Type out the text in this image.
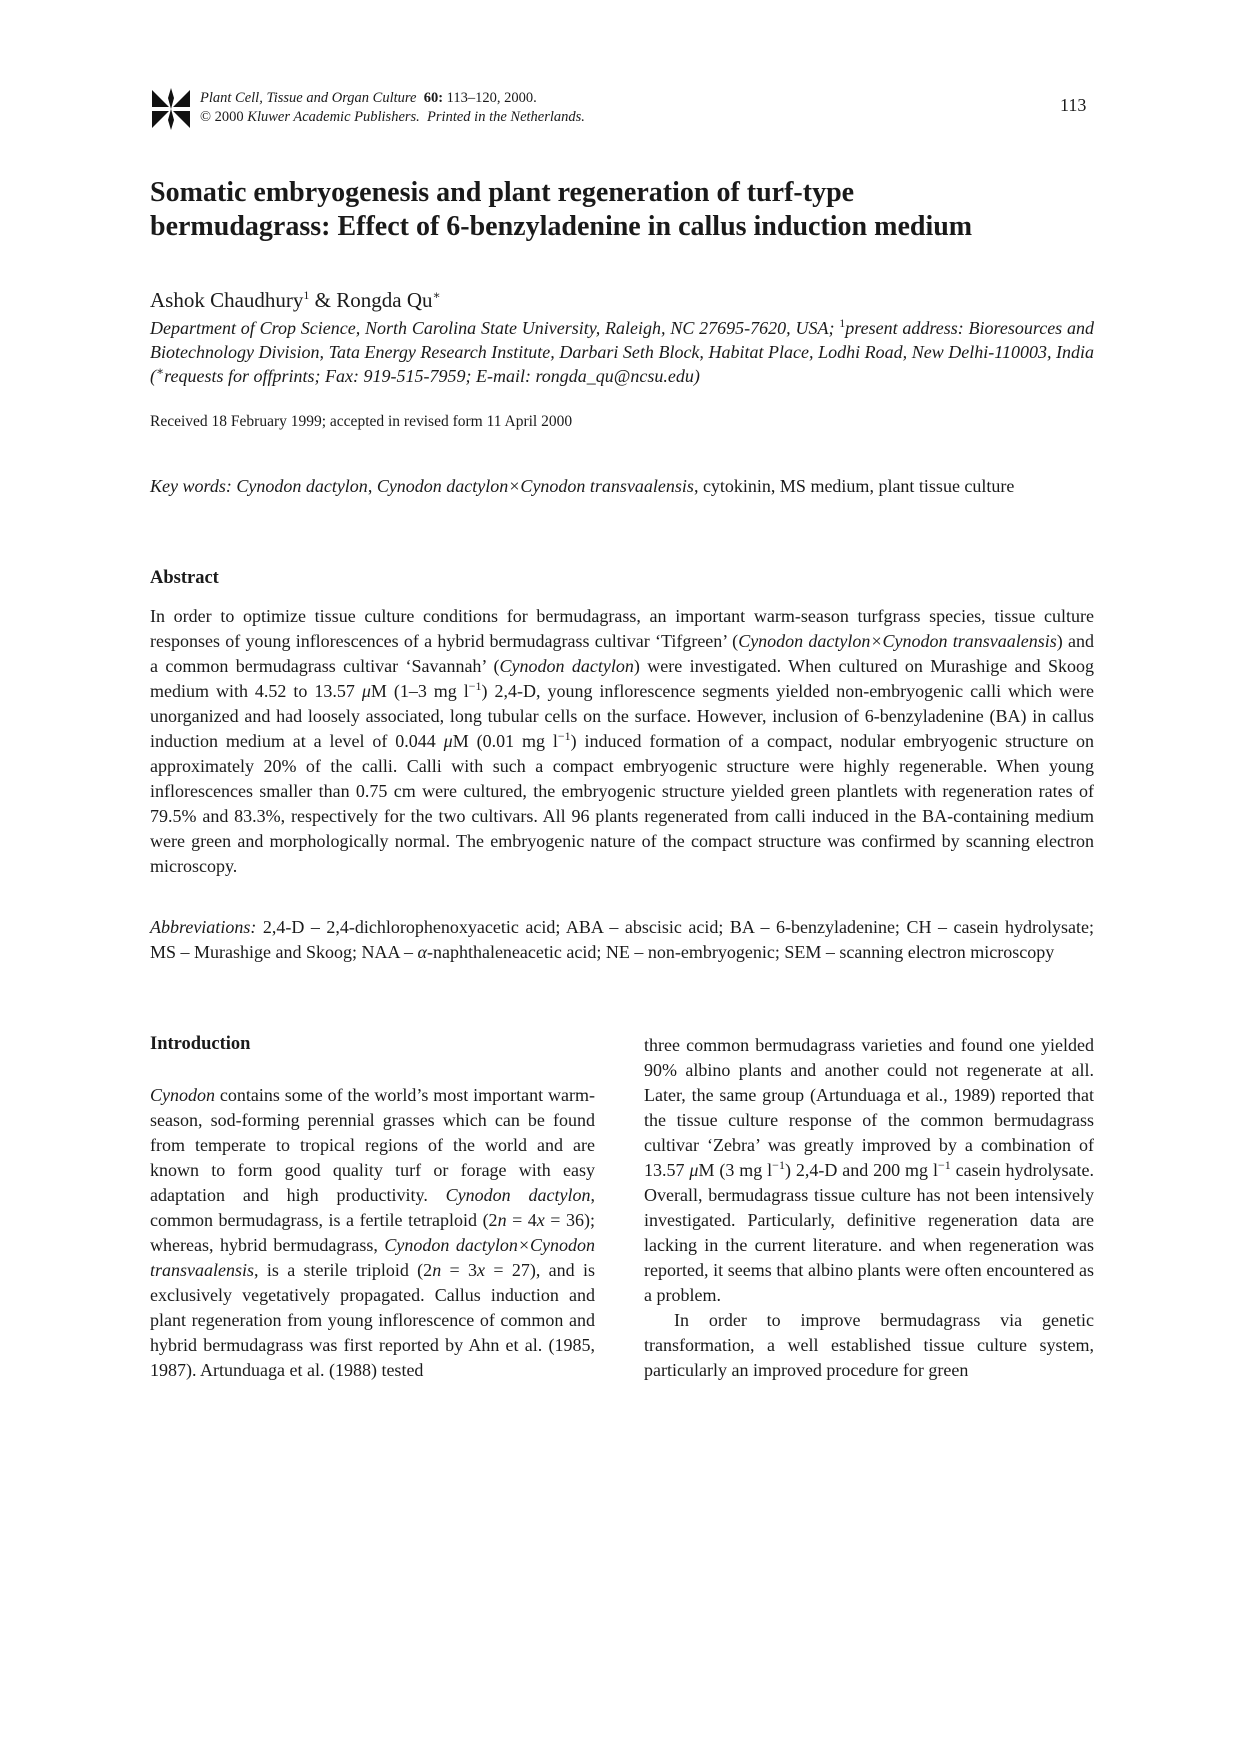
Plant Cell, Tissue and Organ Culture 60: 113–120, 2000.
© 2000 Kluwer Academic Publishers. Printed in the Netherlands.
113
Somatic embryogenesis and plant regeneration of turf-type
bermudagrass: Effect of 6-benzyladenine in callus induction medium
Ashok Chaudhury$^1$ & Rongda Qu∗
Department of Crop Science, North Carolina State University, Raleigh, NC 27695-7620, USA; $^1$present address: Bioresources and Biotechnology Division, Tata Energy Research Institute, Darbari Seth Block, Habitat Place, Lodhi Road, New Delhi-110003, India (∗requests for offprints; Fax: 919-515-7959; E-mail: rongda_qu@ncsu.edu)
Received 18 February 1999; accepted in revised form 11 April 2000
Key words: Cynodon dactylon, Cynodon dactylon×Cynodon transvaalensis, cytokinin, MS medium, plant tissue culture
Abstract
In order to optimize tissue culture conditions for bermudagrass, an important warm-season turfgrass species, tissue culture responses of young inflorescences of a hybrid bermudagrass cultivar ‘Tifgreen’ (Cynodon dactylon×Cynodon transvaalensis) and a common bermudagrass cultivar ‘Savannah’ (Cynodon dactylon) were investigated. When cultured on Murashige and Skoog medium with 4.52 to 13.57 μM (1–3 mg $l^{-1}$) 2,4-D, young inflorescence segments yielded non-embryogenic calli which were unorganized and had loosely associated, long tubular cells on the surface. However, inclusion of 6-benzyladenine (BA) in callus induction medium at a level of 0.044 μM (0.01 mg $l^{-1}$) induced formation of a compact, nodular embryogenic structure on approximately 20% of the calli. Calli with such a compact embryogenic structure were highly regenerable. When young inflorescences smaller than 0.75 cm were cultured, the embryogenic structure yielded green plantlets with regeneration rates of 79.5% and 83.3%, respectively for the two cultivars. All 96 plants regenerated from calli induced in the BA-containing medium were green and morphologically normal. The embryogenic nature of the compact structure was confirmed by scanning electron microscopy.
Abbreviations: 2,4-D – 2,4-dichlorophenoxyacetic acid; ABA – abscisic acid; BA – 6-benzyladenine; CH – casein hydrolysate; MS – Murashige and Skoog; NAA – α-naphthaleneacetic acid; NE – non-embryogenic; SEM – scanning electron microscopy
Introduction

Cynodon contains some of the world’s most important warm-season, sod-forming perennial grasses which can be found from temperate to tropical regions of the world and are known to form good quality turf or forage with easy adaptation and high productivity. Cynodon dactylon, common bermudagrass, is a fertile tetraploid (2n = 4x = 36); whereas, hybrid bermudagrass, Cynodon dactylon×Cynodon transvaalensis, is a sterile triploid (2n = 3x = 27), and is exclusively vegetatively propagated. Callus induction and plant regeneration from young inflorescence of common and hybrid bermudagrass was first reported by Ahn et al. (1985, 1987). Artunduaga et al. (1988) tested

three common bermudagrass varieties and found one yielded 90% albino plants and another could not regenerate at all. Later, the same group (Artunduaga et al., 1989) reported that the tissue culture response of the common bermudagrass cultivar ‘Zebra’ was greatly improved by a combination of 13.57 μM (3 mg $l^{-1}$) 2,4-D and 200 mg $l^{-1}$ casein hydrolysate. Overall, bermudagrass tissue culture has not been intensively investigated. Particularly, definitive regeneration data are lacking in the current literature. and when regeneration was reported, it seems that albino plants were often encountered as a problem.

In order to improve bermudagrass via genetic transformation, a well established tissue culture system, particularly an improved procedure for green
